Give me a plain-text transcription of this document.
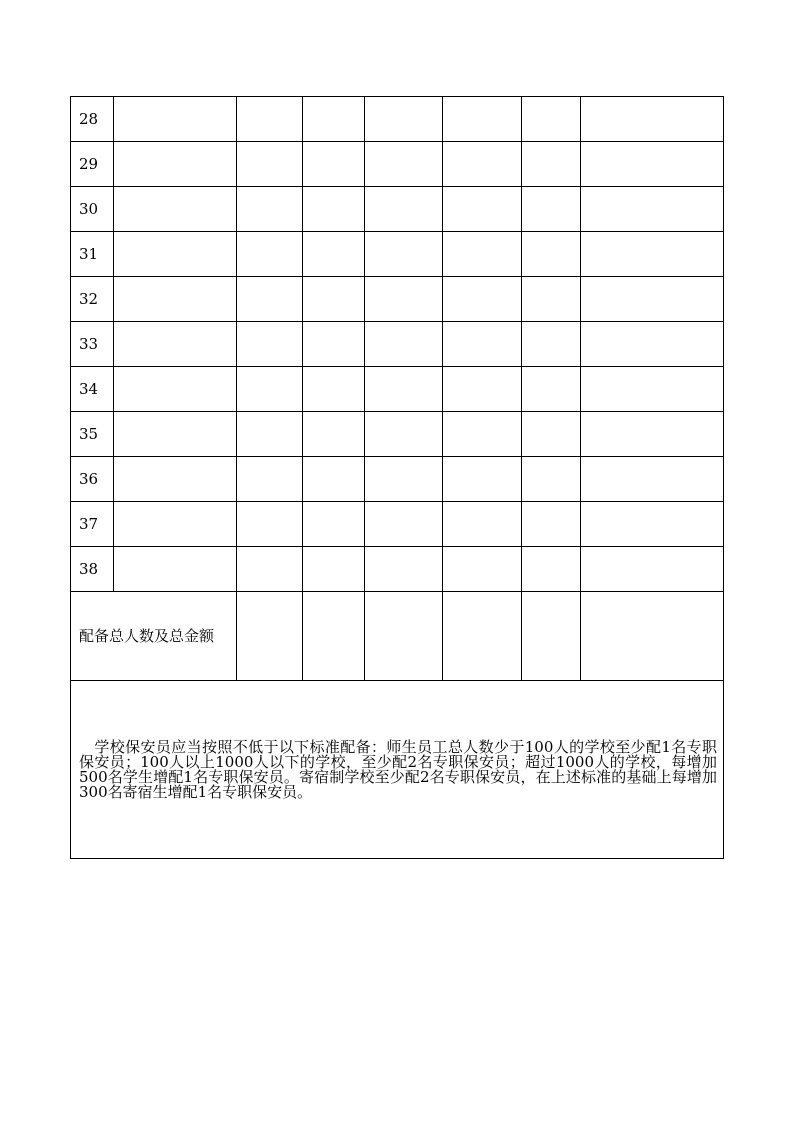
28							
29							
30							
31							
32							
33							
34							
35							
36							
37							
38							
配备总人数及总金额							
　学校保安员应当按照不低于以下标准配备：师生员工总人数少于100人的学校至少配1名专职保安员；100人以上1000人以下的学校，至少配2名专职保安员；超过1000人的学校，每增加500名学生增配1名专职保安员。寄宿制学校至少配2名专职保安员，在上述标准的基础上每增加300名寄宿生增配1名专职保安员。							
